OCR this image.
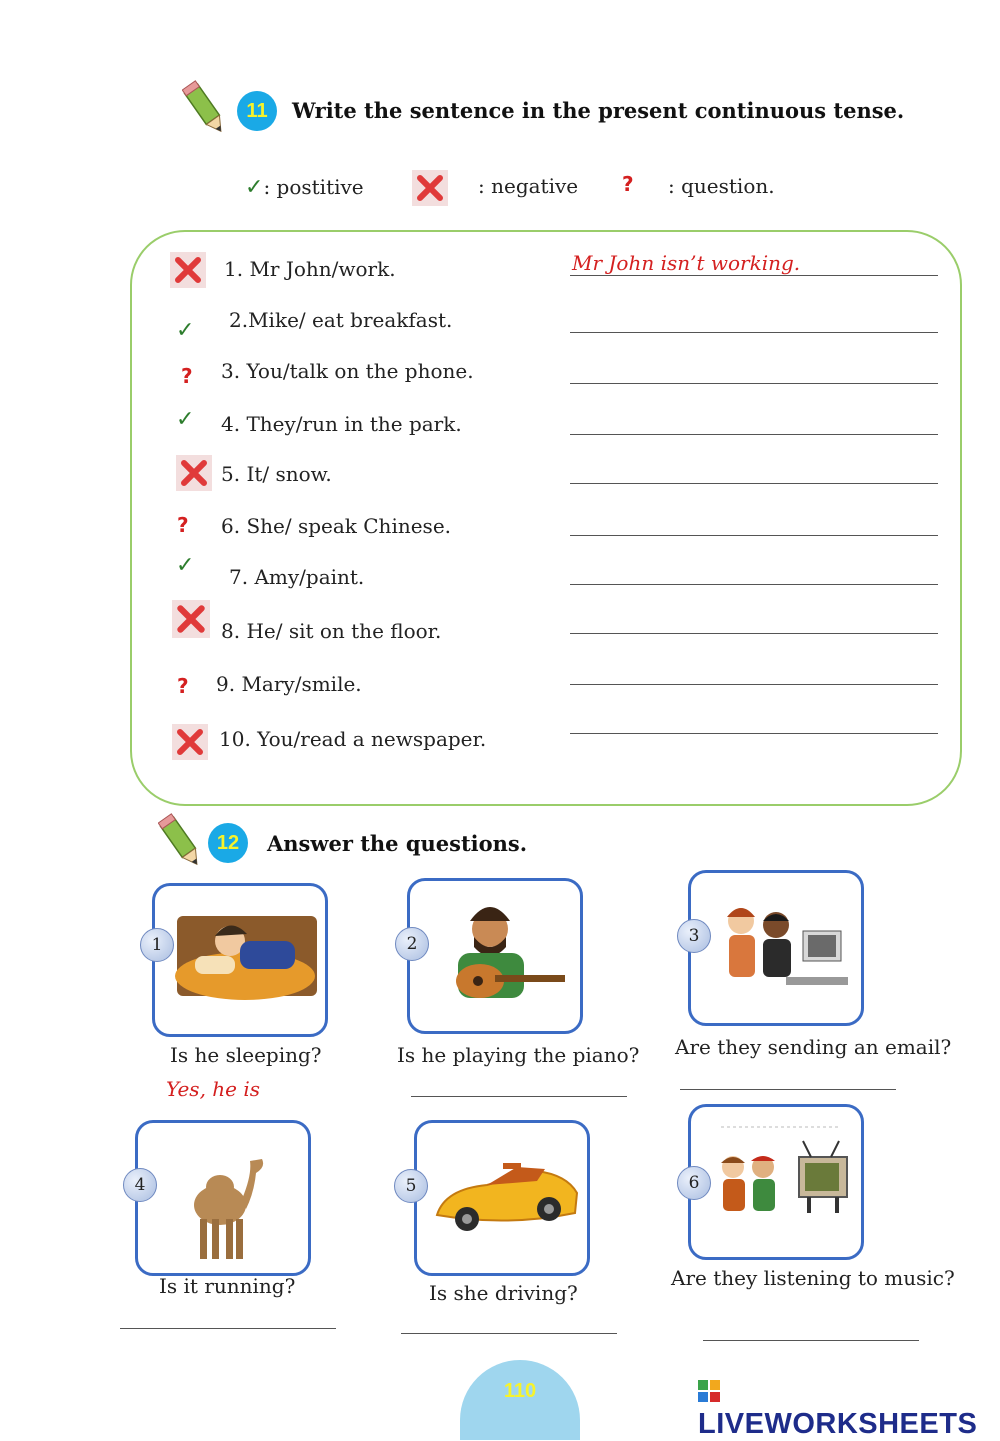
11	Write the sentence in the present continuous tense.
✓: postitive	: negative ? : question.
1. Mr John/work.	Mr John isn’t working.
✓ 2.Mike/ eat breakfast.
? 3. You/talk on the phone.
✓ 4. They/run in the park.
5. It/ snow.
? 6. She/ speak Chinese.
✓ 7. Amy/paint.
8. He/ sit on the floor.
? 9. Mary/smile.
10. You/read a newspaper.
12	Answer the questions.
1
Is he sleeping?
Yes, he is
2
Is he playing the piano?
3
Are they sending an email?
4
Is it running?
5
Is she driving?
6
Are they listening to music?
110
LIVEWORKSHEETS
